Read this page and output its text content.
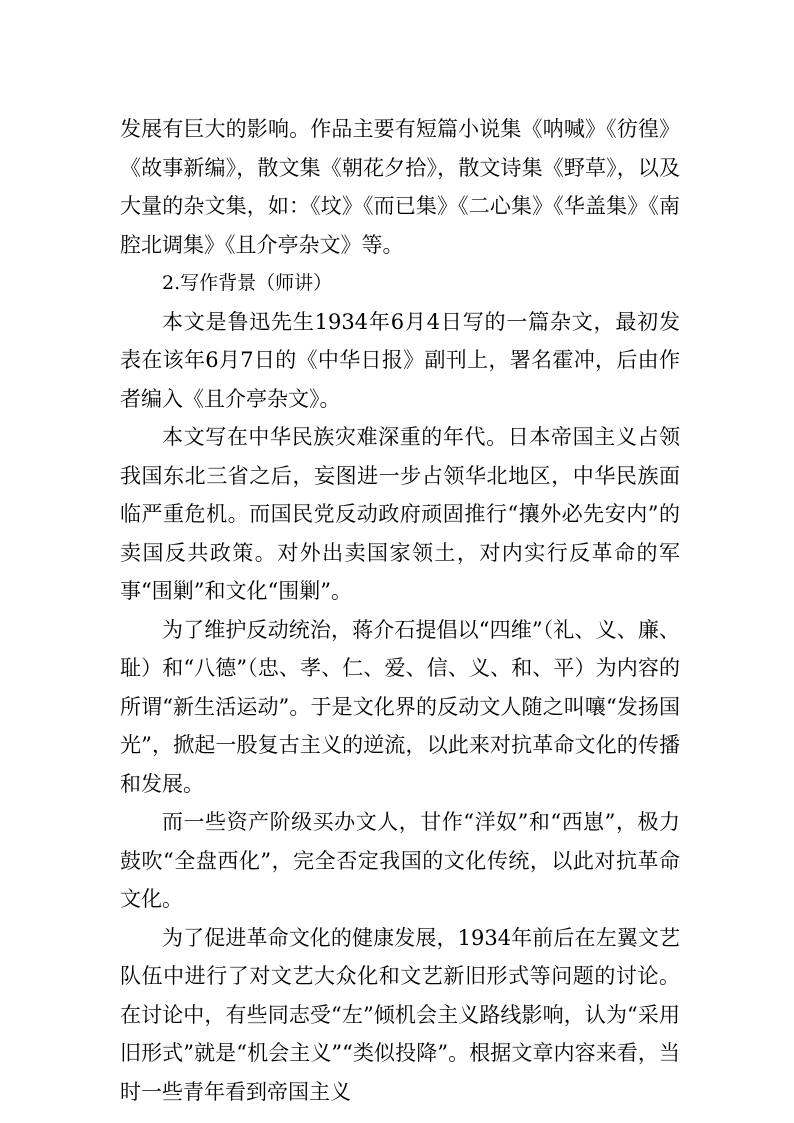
发展有巨大的影响。作品主要有短篇小说集《呐喊》《彷徨》《故事新编》，散文集《朝花夕拾》，散文诗集《野草》，以及大量的杂文集，如：《坟》《而已集》《二心集》《华盖集》《南腔北调集》《且介亭杂文》等。

2.写作背景（师讲）

本文是鲁迅先生1934年6月4日写的一篇杂文，最初发表在该年6月7日的《中华日报》副刊上，署名霍冲，后由作者编入《且介亭杂文》。

本文写在中华民族灾难深重的年代。日本帝国主义占领我国东北三省之后，妄图进一步占领华北地区，中华民族面临严重危机。而国民党反动政府顽固推行“攘外必先安内”的卖国反共政策。对外出卖国家领土，对内实行反革命的军事“围剿”和文化“围剿”。

为了维护反动统治，蒋介石提倡以“四维”（礼、义、廉、耻）和“八德”（忠、孝、仁、爱、信、义、和、平）为内容的所谓“新生活运动”。于是文化界的反动文人随之叫嚷“发扬国光”，掀起一股复古主义的逆流，以此来对抗革命文化的传播和发展。

而一些资产阶级买办文人，甘作“洋奴”和“西崽”，极力鼓吹“全盘西化”，完全否定我国的文化传统，以此对抗革命文化。

为了促进革命文化的健康发展，1934年前后在左翼文艺队伍中进行了对文艺大众化和文艺新旧形式等问题的讨论。在讨论中，有些同志受“左”倾机会主义路线影响，认为“采用旧形式”就是“机会主义”“类似投降”。根据文章内容来看，当时一些青年看到帝国主义
